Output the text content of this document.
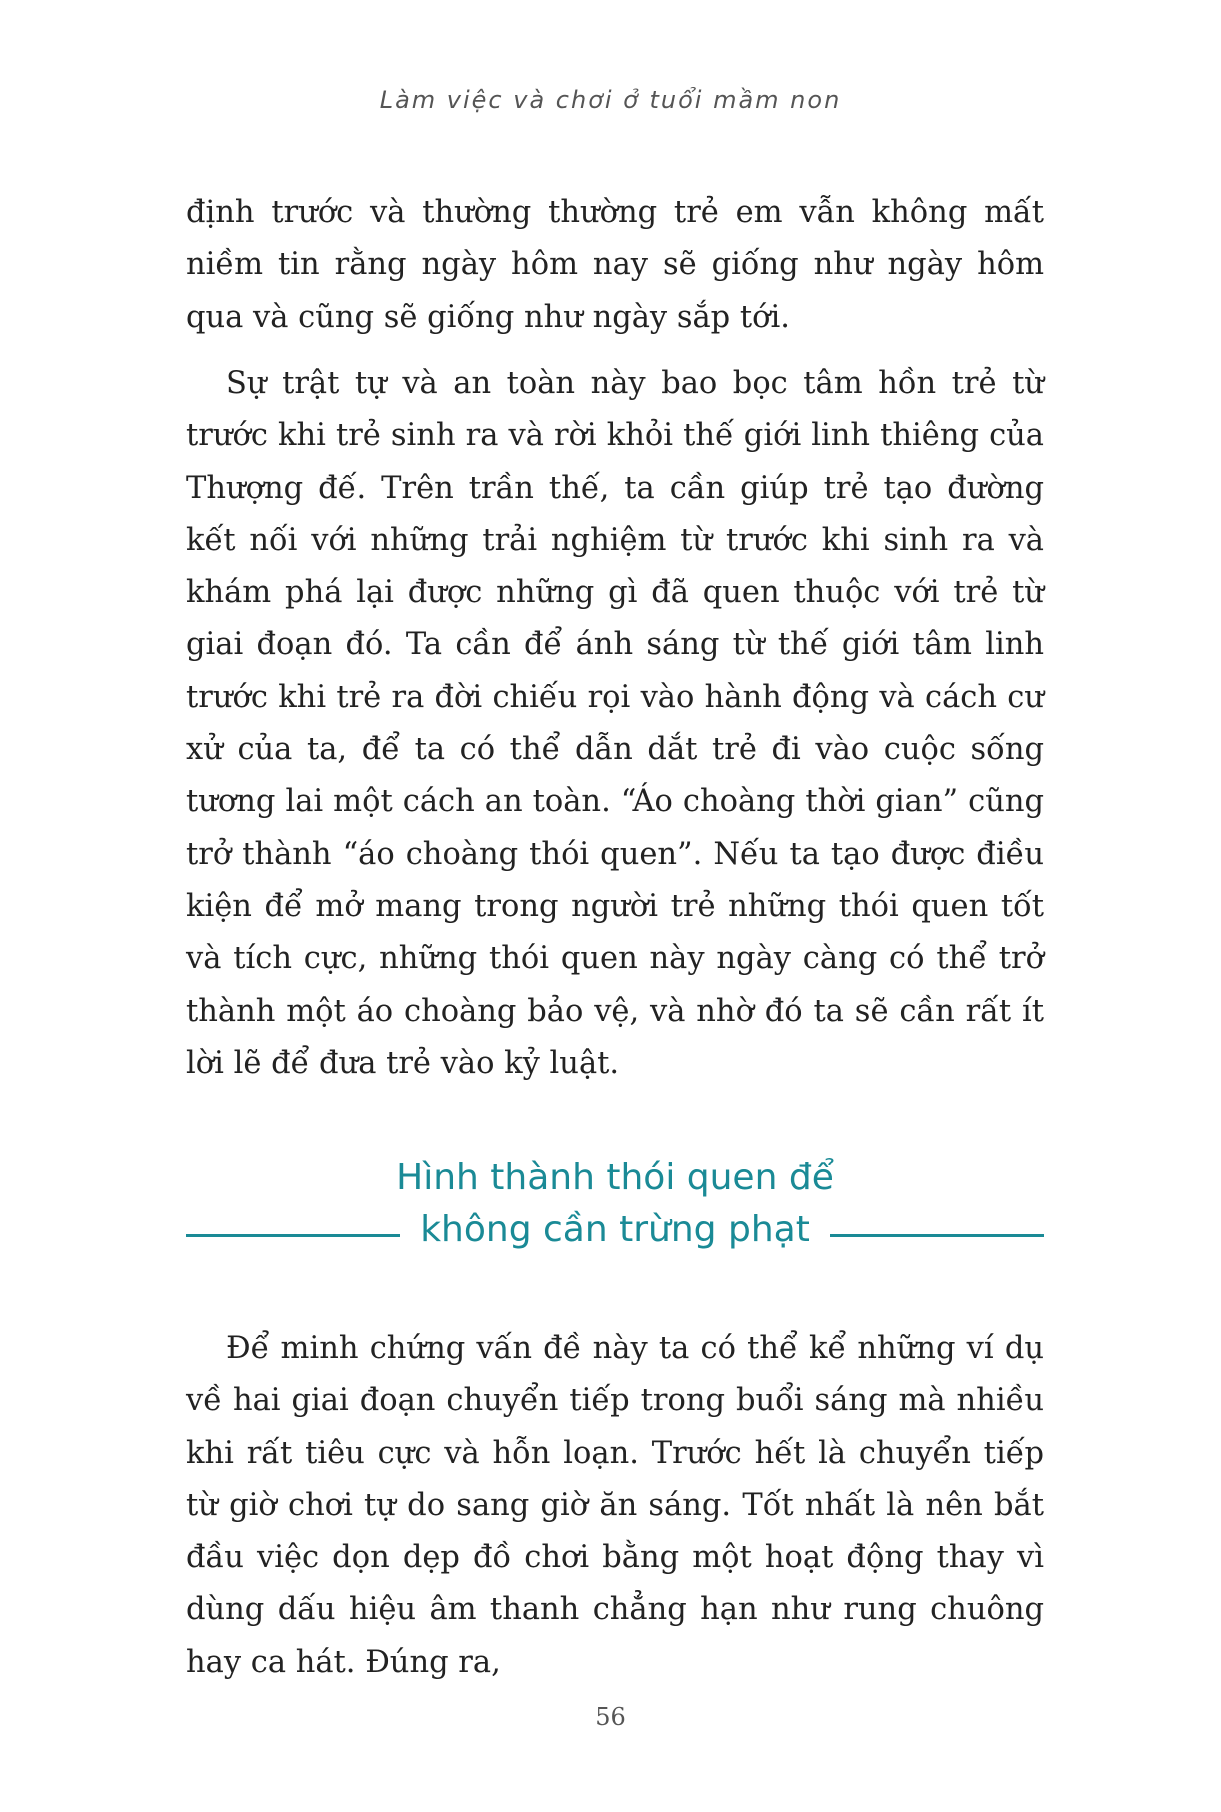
Làm việc và chơi ở tuổi mầm non

định trước và thường thường trẻ em vẫn không mất niềm tin rằng ngày hôm nay sẽ giống như ngày hôm qua và cũng sẽ giống như ngày sắp tới.

Sự trật tự và an toàn này bao bọc tâm hồn trẻ từ trước khi trẻ sinh ra và rời khỏi thế giới linh thiêng của Thượng đế. Trên trần thế, ta cần giúp trẻ tạo đường kết nối với những trải nghiệm từ trước khi sinh ra và khám phá lại được những gì đã quen thuộc với trẻ từ giai đoạn đó. Ta cần để ánh sáng từ thế giới tâm linh trước khi trẻ ra đời chiếu rọi vào hành động và cách cư xử của ta, để ta có thể dẫn dắt trẻ đi vào cuộc sống tương lai một cách an toàn. “Áo choàng thời gian” cũng trở thành “áo choàng thói quen”. Nếu ta tạo được điều kiện để mở mang trong người trẻ những thói quen tốt và tích cực, những thói quen này ngày càng có thể trở thành một áo choàng bảo vệ, và nhờ đó ta sẽ cần rất ít lời lẽ để đưa trẻ vào kỷ luật.

Hình thành thói quen để
không cần trừng phạt

Để minh chứng vấn đề này ta có thể kể những ví dụ về hai giai đoạn chuyển tiếp trong buổi sáng mà nhiều khi rất tiêu cực và hỗn loạn. Trước hết là chuyển tiếp từ giờ chơi tự do sang giờ ăn sáng. Tốt nhất là nên bắt đầu việc dọn dẹp đồ chơi bằng một hoạt động thay vì dùng dấu hiệu âm thanh chẳng hạn như rung chuông hay ca hát. Đúng ra,

56
